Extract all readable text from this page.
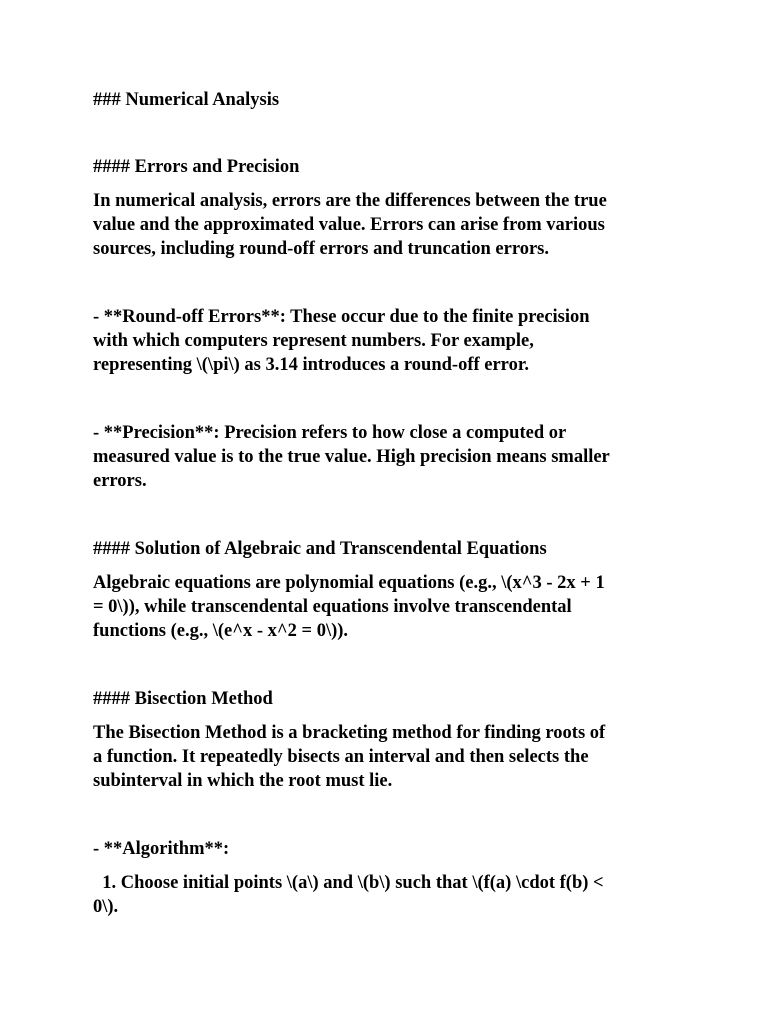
### Numerical Analysis
#### Errors and Precision
In numerical analysis, errors are the differences between the true
value and the approximated value. Errors can arise from various
sources, including round-off errors and truncation errors.
- **Round-off Errors**: These occur due to the finite precision
with which computers represent numbers. For example,
representing \(\pi\) as 3.14 introduces a round-off error.
- **Precision**: Precision refers to how close a computed or
measured value is to the true value. High precision means smaller
errors.
#### Solution of Algebraic and Transcendental Equations
Algebraic equations are polynomial equations (e.g., \(x^3 - 2x + 1
= 0\)), while transcendental equations involve transcendental
functions (e.g., \(e^x - x^2 = 0\)).
#### Bisection Method
The Bisection Method is a bracketing method for finding roots of
a function. It repeatedly bisects an interval and then selects the
subinterval in which the root must lie.
- **Algorithm**:
1. Choose initial points \(a\) and \(b\) such that \(f(a) \cdot f(b) <
0\).
